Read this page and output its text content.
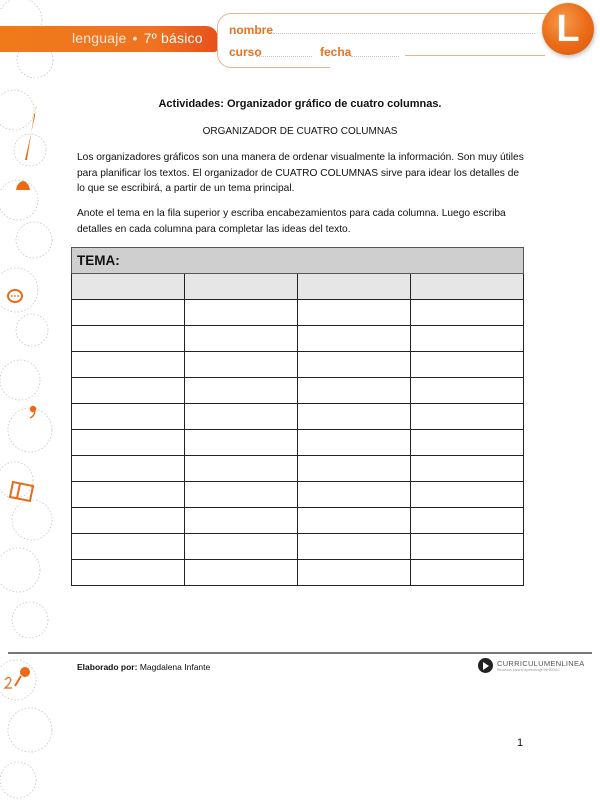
lenguaje • 7º básico nombre
curso	fecha
L
Actividades: Organizador gráfico de cuatro columnas.
ORGANIZADOR DE CUATRO COLUMNAS

Los organizadores gráficos son una manera de ordenar visualmente la información. Son muy útiles para planificar los textos. El organizador de CUATRO COLUMNAS sirve para idear los detalles de lo que se escribirá, a partir de un tema principal.

Anote el tema en la fila superior y escriba encabezamientos para cada columna. Luego escriba detalles en cada columna para completar las ideas del texto.

TEMA:			

Elaborado por: Magdalena Infante	CURRICULUMENLINEA
Recursos para el aprendizaje MINEDUC
1
